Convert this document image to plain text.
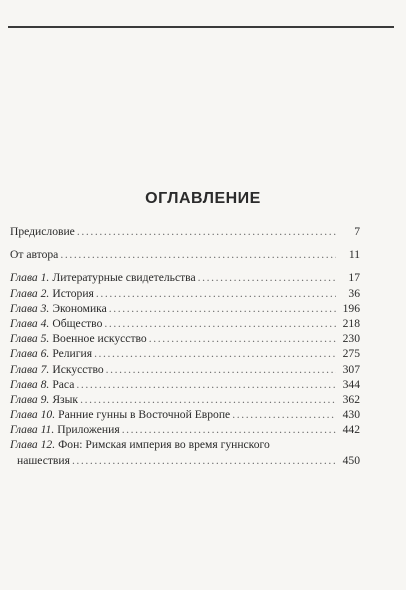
ОГЛАВЛЕНИЕ
Предисловие .....	7
От автора .....	11
Глава 1. Литературные свидетельства .....	17
Глава 2. История .....	36
Глава 3. Экономика .....	196
Глава 4. Общество .....	218
Глава 5. Военное искусство .....	230
Глава 6. Религия .....	275
Глава 7. Искусство .....	307
Глава 8. Раса .....	344
Глава 9. Язык .....	362
Глава 10. Ранние гунны в Восточной Европе .....	430
Глава 11. Приложения .....	442
Глава 12. Фон: Римская империя во время гуннского
нашествия .....	450
